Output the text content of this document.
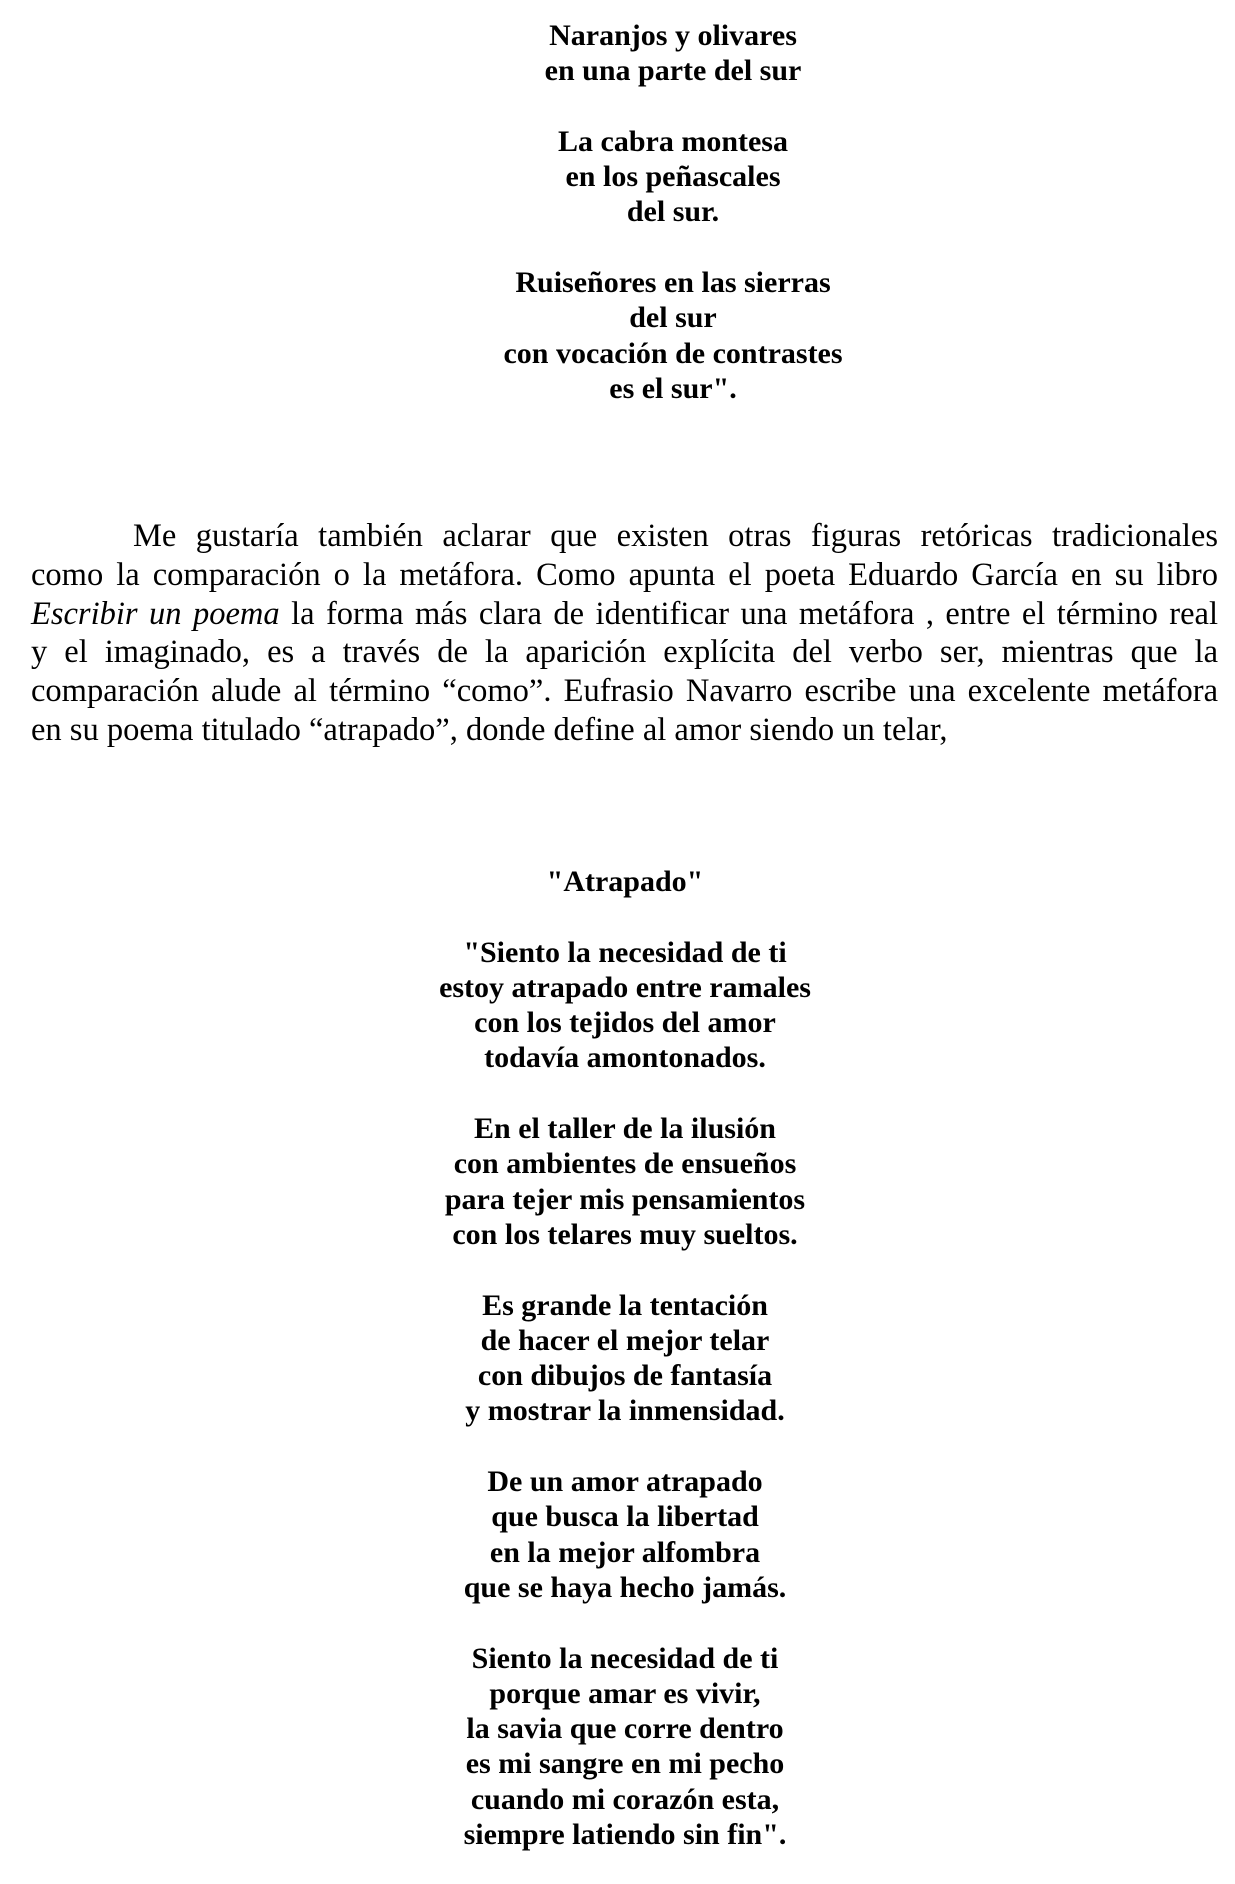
Naranjos y olivares
en una parte del sur
La cabra montesa
en los peñascales
del sur.
Ruiseñores en las sierras
del sur
con vocación de contrastes
es el sur".
Me gustaría también aclarar que existen otras figuras retóricas tradicionales
como la comparación o la metáfora. Como apunta el poeta Eduardo García en su libro
Escribir un poema la forma más clara de identificar una metáfora , entre el término real
y el imaginado, es a través de la aparición explícita del verbo ser, mientras que la
comparación alude al término “como”. Eufrasio Navarro escribe una excelente metáfora
en su poema titulado “atrapado”, donde define al amor siendo un telar,
"Atrapado"
"Siento la necesidad de ti
estoy atrapado entre ramales
con los tejidos del amor
todavía amontonados.
En el taller de la ilusión
con ambientes de ensueños
para tejer mis pensamientos
con los telares muy sueltos.
Es grande la tentación
de hacer el mejor telar
con dibujos de fantasía
y mostrar la inmensidad.
De un amor atrapado
que busca la libertad
en la mejor alfombra
que se haya hecho jamás.
Siento la necesidad de ti
porque amar es vivir,
la savia que corre dentro
es mi sangre en mi pecho
cuando mi corazón esta,
siempre latiendo sin fin".
